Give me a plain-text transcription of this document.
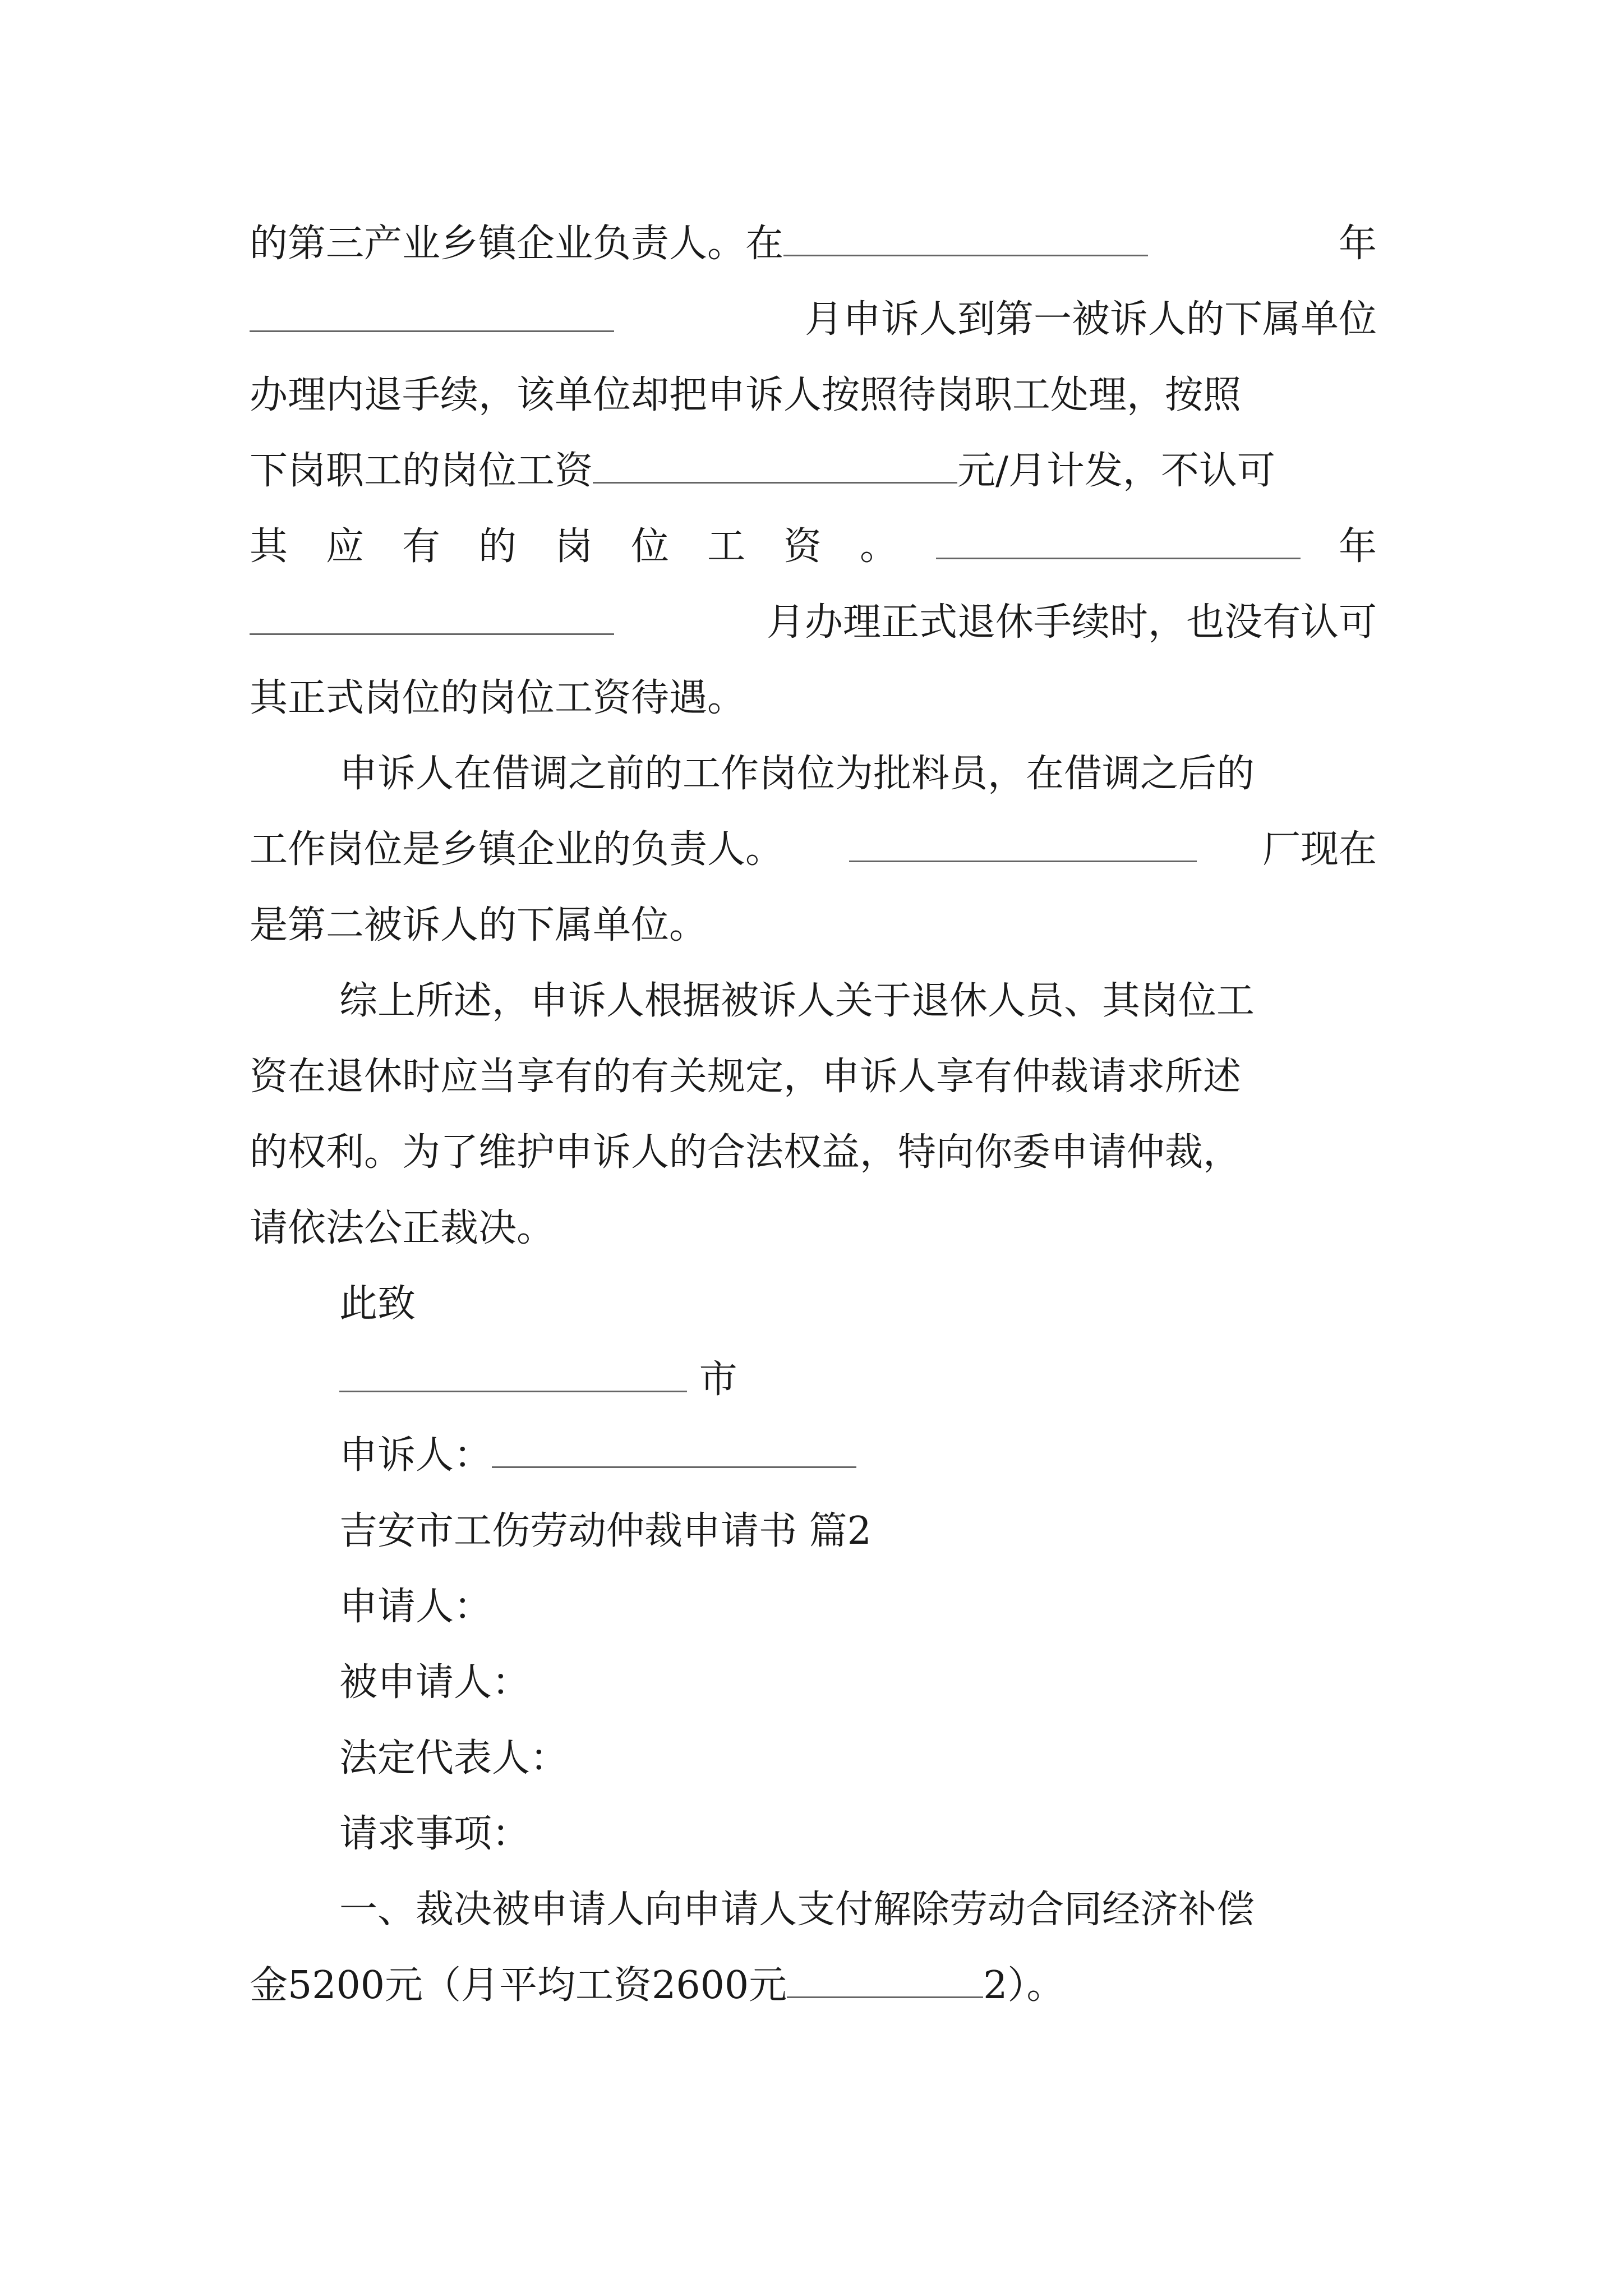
的第三产业乡镇企业负责人。在	年
月申诉人到第一被诉人的下属单位
办理内退手续，该单位却把申诉人按照待岗职工处理，按照
下岗职工的岗位工资	元/月计发，不认可
其 应 有 的 岗 位 工 资 。	年
月办理正式退休手续时，也没有认可
其正式岗位的岗位工资待遇。
申诉人在借调之前的工作岗位为批料员，在借调之后的
工作岗位是乡镇企业的负责人。	厂现在
是第二被诉人的下属单位。
综上所述，申诉人根据被诉人关于退休人员、其岗位工
资在退休时应当享有的有关规定，申诉人享有仲裁请求所述
的权利。为了维护申诉人的合法权益，特向你委申请仲裁，
请依法公正裁决。
此致
市
申诉人：
吉安市工伤劳动仲裁申请书 篇2
申请人：
被申请人：
法定代表人：
请求事项：
一、裁决被申请人向申请人支付解除劳动合同经济补偿
金5200元（月平均工资2600元	2）。
